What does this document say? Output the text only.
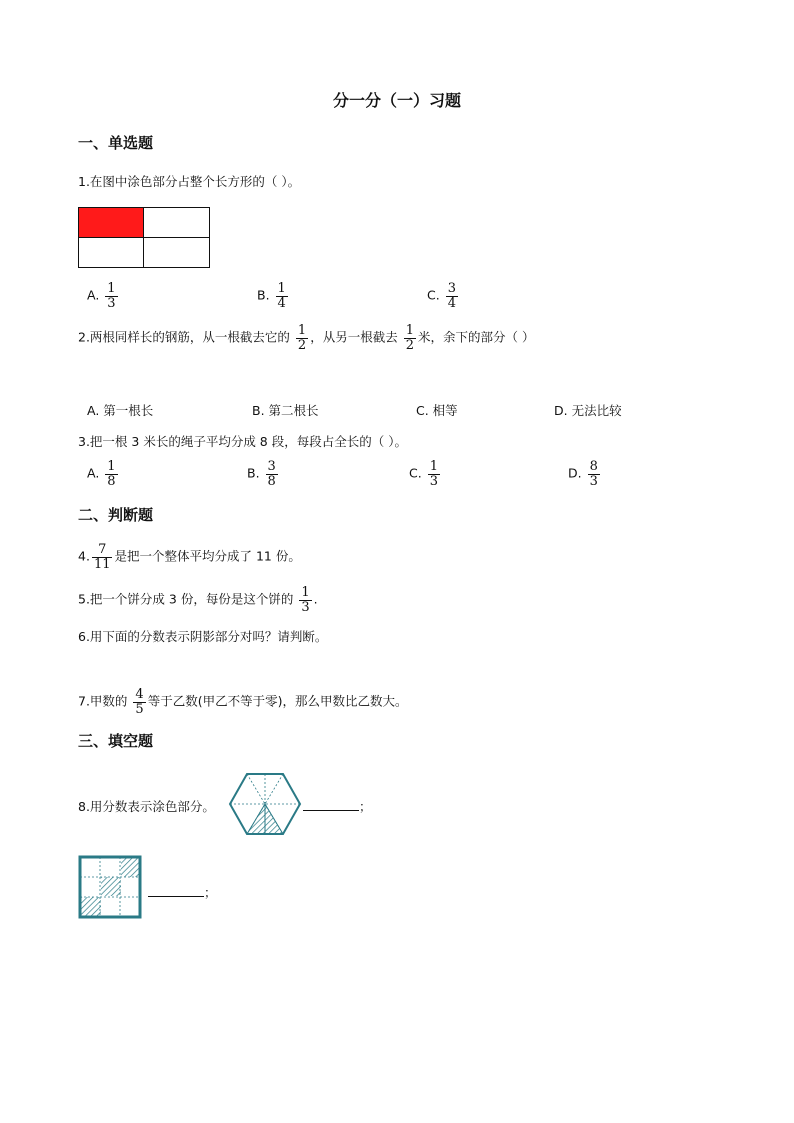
分一分（一）习题
一、单选题
1.在图中涂色部分占整个长方形的（ ）。
A. $\frac{1}{3}$	B. $\frac{1}{4}$	C. $\frac{3}{4}$
2.两根同样长的钢筋，从一根截去它的 $\frac{1}{2}$ ，从另一根截去 $\frac{1}{2}$ 米，余下的部分（ ）
A. 第一根长	B. 第二根长	C. 相等	D. 无法比较
3.把一根 3 米长的绳子平均分成 8 段，每段占全长的（ ）。
A. $\frac{1}{8}$	B. $\frac{3}{8}$	C. $\frac{1}{3}$	D. $\frac{8}{3}$
二、判断题
4. $\frac{7}{11}$ 是把一个整体平均分成了 11 份。
5.把一个饼分成 3 份，每份是这个饼的 $\frac{1}{3}$ .
6.用下面的分数表示阴影部分对吗？请判断。
7.甲数的 $\frac{4}{5}$ 等于乙数(甲乙不等于零)，那么甲数比乙数大。
三、填空题
8.用分数表示涂色部分。	；
；
